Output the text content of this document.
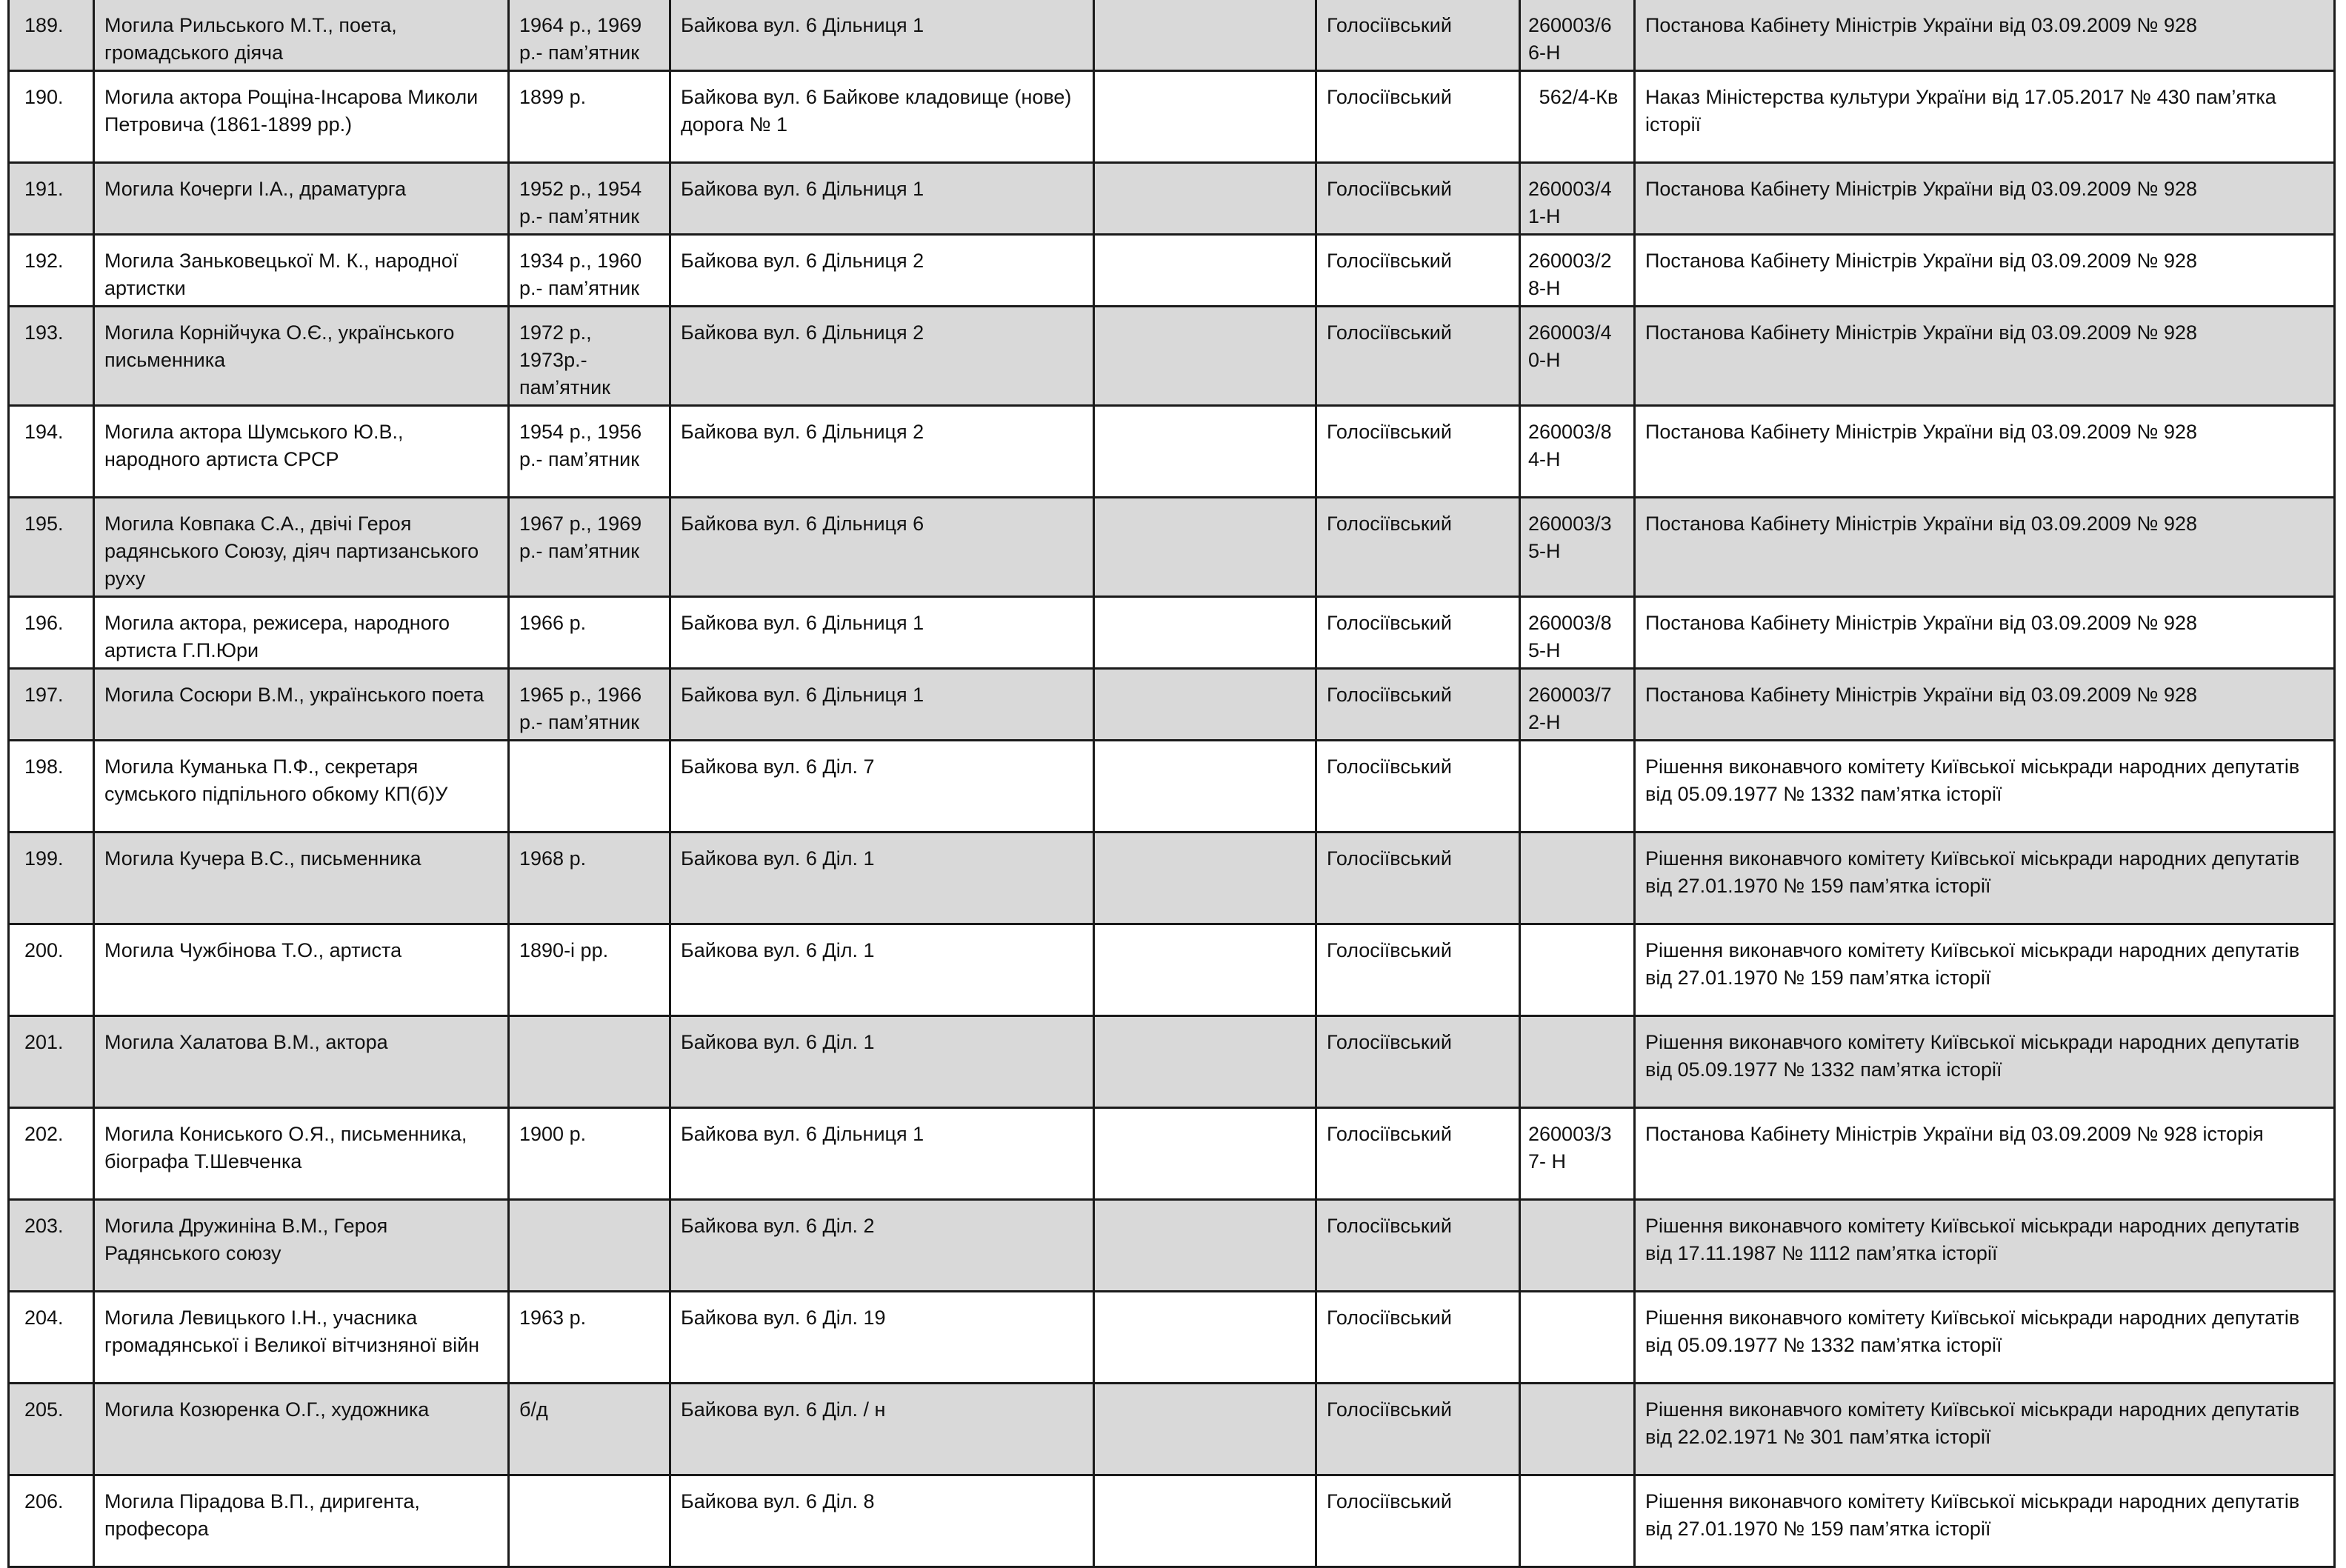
189.	Могила Рильського М.Т., поета, громадського діяча	1964 р., 1969 р.- пам’ятник	Байкова вул. 6 Дільниця 1		Голосіївський	260003/6 6-Н	Постанова Кабінету Міністрів України від 03.09.2009 № 928
190.	Могила актора Рощіна-Інсарова Миколи Петровича (1861-1899 рр.)	1899 р.	Байкова вул. 6 Байкове кладовище (нове) дорога № 1		Голосіївський	562/4-Кв	Наказ Міністерства культури України від 17.05.2017 № 430 пам’ятка історії
191.	Могила Кочерги І.А., драматурга	1952 р., 1954 р.- пам’ятник	Байкова вул. 6 Дільниця 1		Голосіївський	260003/4 1-Н	Постанова Кабінету Міністрів України від 03.09.2009 № 928
192.	Могила Заньковецької М. К., народної артистки	1934 р., 1960 р.- пам’ятник	Байкова вул. 6 Дільниця 2		Голосіївський	260003/2 8-Н	Постанова Кабінету Міністрів України від 03.09.2009 № 928
193.	Могила Корнійчука О.Є., українського письменника	1972 р., 1973р.- пам’ятник	Байкова вул. 6 Дільниця 2		Голосіївський	260003/4 0-Н	Постанова Кабінету Міністрів України від 03.09.2009 № 928
194.	Могила актора Шумського Ю.В., народного артиста СРСР	1954 р., 1956 р.- пам’ятник	Байкова вул. 6 Дільниця 2		Голосіївський	260003/8 4-Н	Постанова Кабінету Міністрів України від 03.09.2009 № 928
195.	Могила Ковпака С.А., двічі Героя радянського Союзу, діяч партизанського руху	1967 р., 1969 р.- пам’ятник	Байкова вул. 6 Дільниця 6		Голосіївський	260003/3 5-Н	Постанова Кабінету Міністрів України від 03.09.2009 № 928
196.	Могила актора, режисера, народного артиста Г.П.Юри	1966 р.	Байкова вул. 6 Дільниця 1		Голосіївський	260003/8 5-Н	Постанова Кабінету Міністрів України від 03.09.2009 № 928
197.	Могила Сосюри В.М., українського поета	1965 р., 1966 р.- пам’ятник	Байкова вул. 6 Дільниця 1		Голосіївський	260003/7 2-Н	Постанова Кабінету Міністрів України від 03.09.2009 № 928
198.	Могила Куманька П.Ф., секретаря сумського підпільного обкому КП(б)У		Байкова вул. 6 Діл. 7		Голосіївський		Рішення виконавчого комітету Київської міськради народних депутатів від 05.09.1977 № 1332 пам’ятка історії
199.	Могила Кучера В.С., письменника	1968 р.	Байкова вул. 6 Діл. 1		Голосіївський		Рішення виконавчого комітету Київської міськради народних депутатів від 27.01.1970 № 159 пам’ятка історії
200.	Могила Чужбінова Т.О., артиста	1890-і рр.	Байкова вул. 6 Діл. 1		Голосіївський		Рішення виконавчого комітету Київської міськради народних депутатів від 27.01.1970 № 159 пам’ятка історії
201.	Могила Халатова В.М., актора		Байкова вул. 6 Діл. 1		Голосіївський		Рішення виконавчого комітету Київської міськради народних депутатів від 05.09.1977 № 1332 пам’ятка історії
202.	Могила Кониського О.Я., письменника, біографа Т.Шевченка	1900 р.	Байкова вул. 6 Дільниця 1		Голосіївський	260003/3 7- Н	Постанова Кабінету Міністрів України від 03.09.2009 № 928 історія
203.	Могила Дружиніна В.М., Героя Радянського союзу		Байкова вул. 6 Діл. 2		Голосіївський		Рішення виконавчого комітету Київської міськради народних депутатів від 17.11.1987 № 1112 пам’ятка історії
204.	Могила Левицького І.Н., учасника громадянської і Великої вітчизняної війн	1963 р.	Байкова вул. 6 Діл. 19		Голосіївський		Рішення виконавчого комітету Київської міськради народних депутатів від 05.09.1977 № 1332 пам’ятка історії
205.	Могила Козюренка О.Г., художника	б/д	Байкова вул. 6 Діл. / н		Голосіївський		Рішення виконавчого комітету Київської міськради народних депутатів від 22.02.1971 № 301 пам’ятка історії
206.	Могила Пірадова В.П., диригента, професора		Байкова вул. 6 Діл. 8		Голосіївський		Рішення виконавчого комітету Київської міськради народних депутатів від 27.01.1970 № 159 пам’ятка історії
